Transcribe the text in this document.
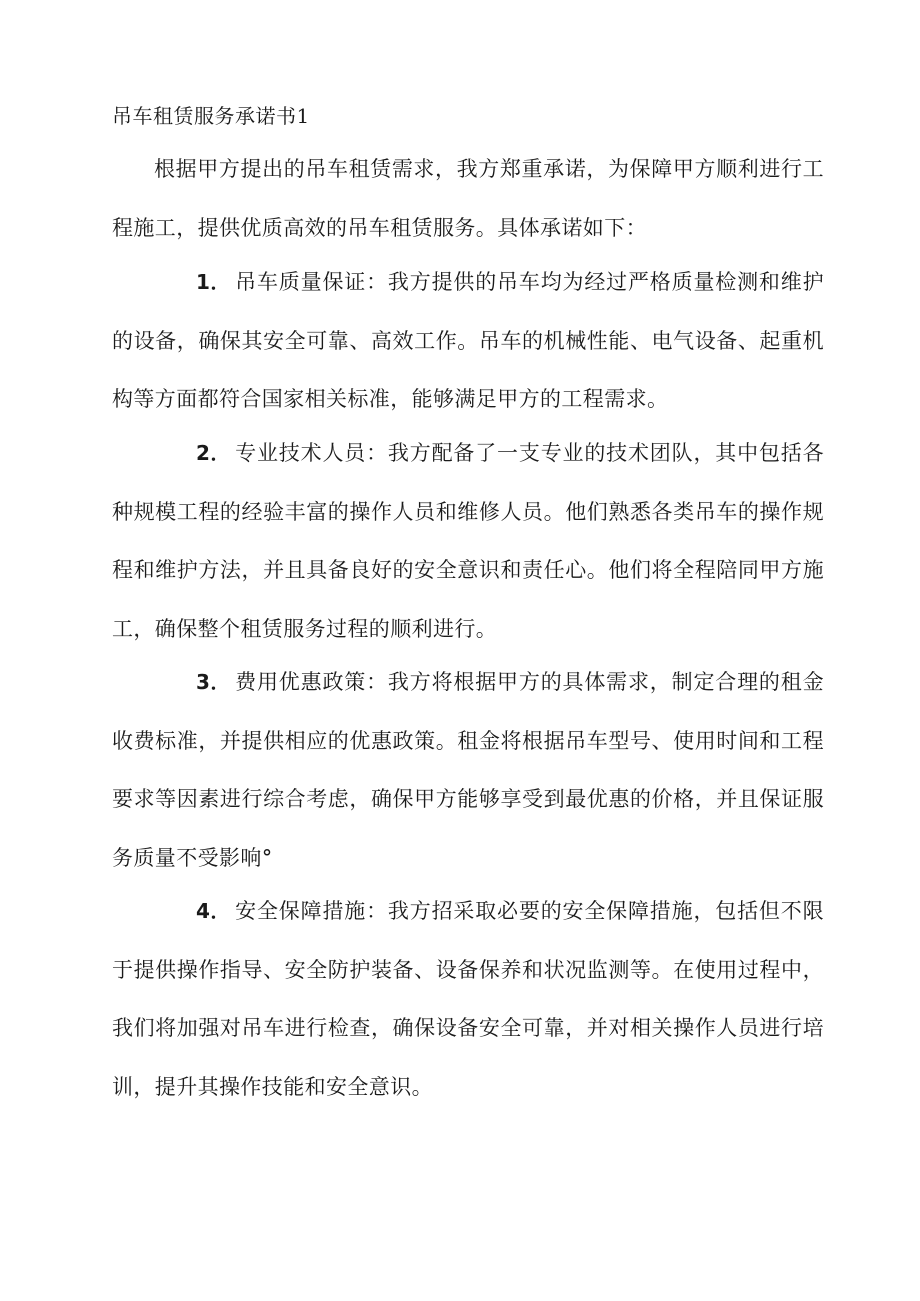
吊车租赁服务承诺书1

根据甲方提出的吊车租赁需求，我方郑重承诺，为保障甲方顺利进行工程施工，提供优质高效的吊车租赁服务。具体承诺如下：

1． 吊车质量保证：我方提供的吊车均为经过严格质量检测和维护的设备，确保其安全可靠、高效工作。吊车的机械性能、电气设备、起重机构等方面都符合国家相关标准，能够满足甲方的工程需求。

2． 专业技术人员：我方配备了一支专业的技术团队，其中包括各种规模工程的经验丰富的操作人员和维修人员。他们熟悉各类吊车的操作规程和维护方法，并且具备良好的安全意识和责任心。他们将全程陪同甲方施工，确保整个租赁服务过程的顺利进行。

3． 费用优惠政策：我方将根据甲方的具体需求，制定合理的租金收费标准，并提供相应的优惠政策。租金将根据吊车型号、使用时间和工程要求等因素进行综合考虑，确保甲方能够享受到最优惠的价格，并且保证服务质量不受影响°

4． 安全保障措施：我方招采取必要的安全保障措施，包括但不限于提供操作指导、安全防护装备、设备保养和状况监测等。在使用过程中，我们将加强对吊车进行检查，确保设备安全可靠，并对相关操作人员进行培训，提升其操作技能和安全意识。
